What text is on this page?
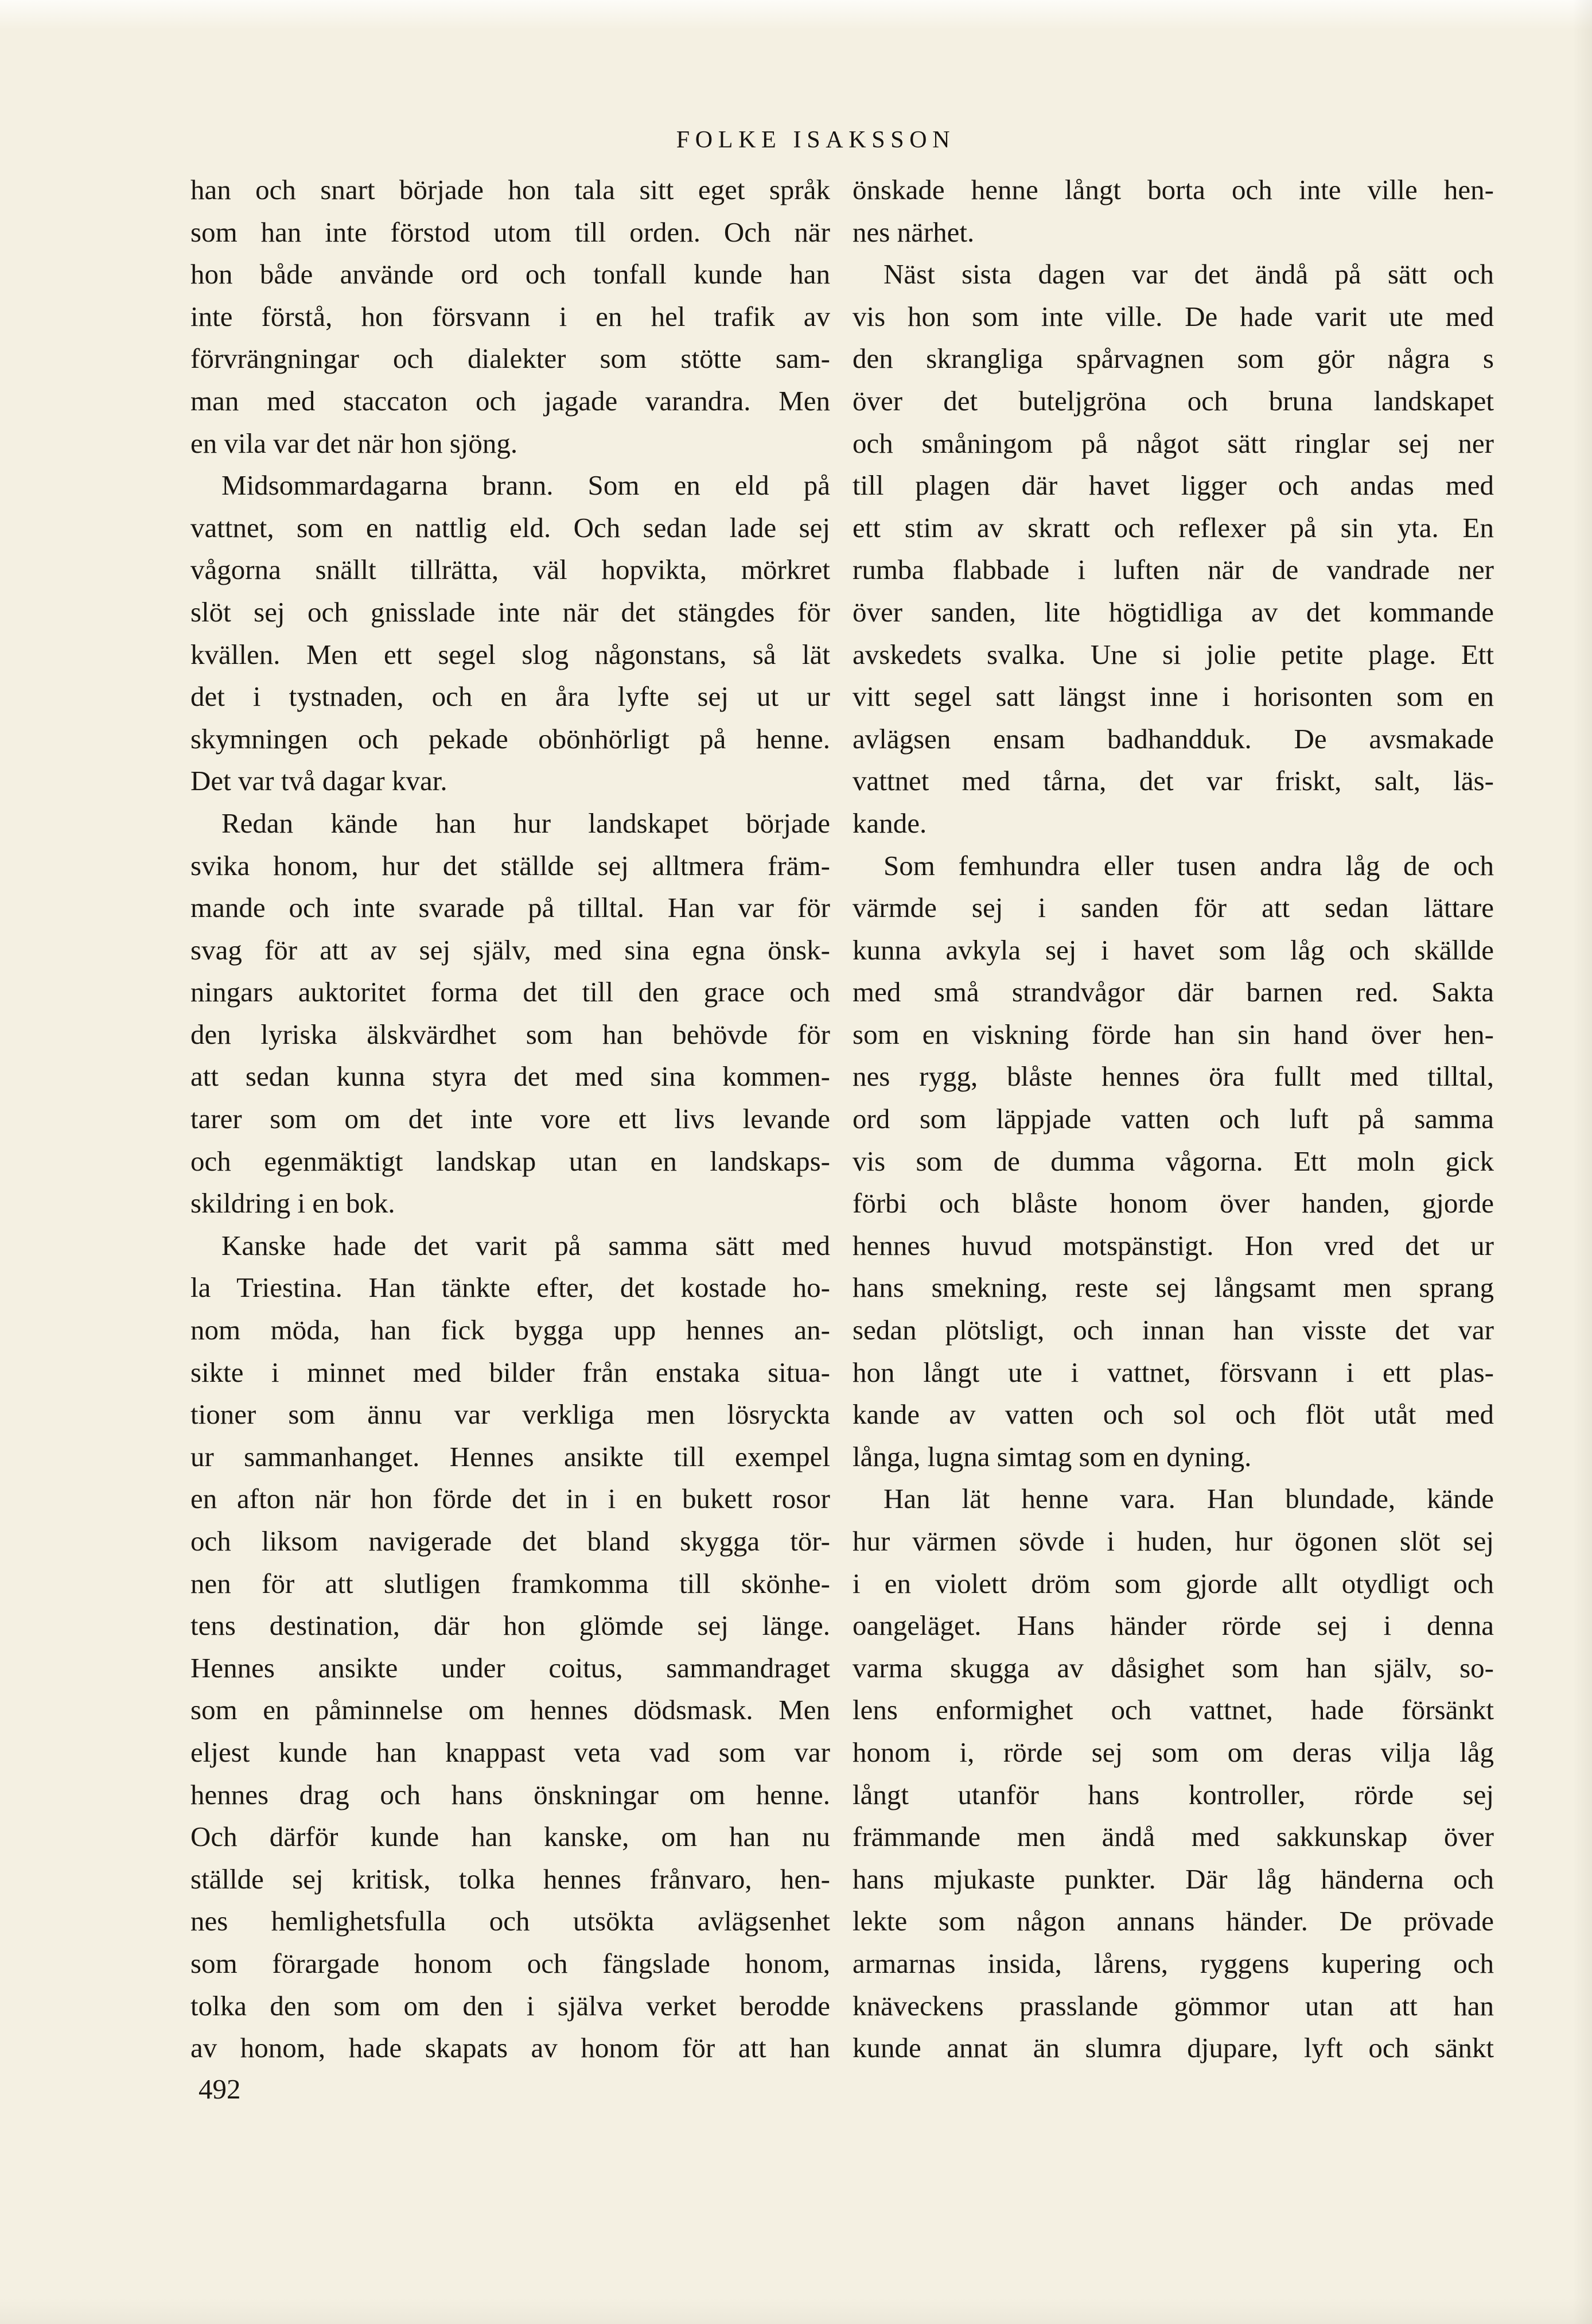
FOLKE ISAKSSON
han och snart började hon tala sitt eget språk
som han inte förstod utom till orden. Och när
hon både använde ord och tonfall kunde han
inte förstå, hon försvann i en hel trafik av
förvrängningar och dialekter som stötte sam-
man med staccaton och jagade varandra. Men
en vila var det när hon sjöng.
Midsommardagarna brann. Som en eld på
vattnet, som en nattlig eld. Och sedan lade sej
vågorna snällt tillrätta, väl hopvikta, mörkret
slöt sej och gnisslade inte när det stängdes för
kvällen. Men ett segel slog någonstans, så lät
det i tystnaden, och en åra lyfte sej ut ur
skymningen och pekade obönhörligt på henne.
Det var två dagar kvar.
Redan kände han hur landskapet började
svika honom, hur det ställde sej alltmera främ-
mande och inte svarade på tilltal. Han var för
svag för att av sej själv, med sina egna önsk-
ningars auktoritet forma det till den grace och
den lyriska älskvärdhet som han behövde för
att sedan kunna styra det med sina kommen-
tarer som om det inte vore ett livs levande
och egenmäktigt landskap utan en landskaps-
skildring i en bok.
Kanske hade det varit på samma sätt med
la Triestina. Han tänkte efter, det kostade ho-
nom möda, han fick bygga upp hennes an-
sikte i minnet med bilder från enstaka situa-
tioner som ännu var verkliga men lösryckta
ur sammanhanget. Hennes ansikte till exempel
en afton när hon förde det in i en bukett rosor
och liksom navigerade det bland skygga tör-
nen för att slutligen framkomma till skönhe-
tens destination, där hon glömde sej länge.
Hennes ansikte under coitus, sammandraget
som en påminnelse om hennes dödsmask. Men
eljest kunde han knappast veta vad som var
hennes drag och hans önskningar om henne.
Och därför kunde han kanske, om han nu
ställde sej kritisk, tolka hennes frånvaro, hen-
nes hemlighetsfulla och utsökta avlägsenhet
som förargade honom och fängslade honom,
tolka den som om den i själva verket berodde
av honom, hade skapats av honom för att han
önskade henne långt borta och inte ville hen-
nes närhet.
Näst sista dagen var det ändå på sätt och
vis hon som inte ville. De hade varit ute med
den skrangliga spårvagnen som gör några s
över det buteljgröna och bruna landskapet
och småningom på något sätt ringlar sej ner
till plagen där havet ligger och andas med
ett stim av skratt och reflexer på sin yta. En
rumba flabbade i luften när de vandrade ner
över sanden, lite högtidliga av det kommande
avskedets svalka. Une si jolie petite plage. Ett
vitt segel satt längst inne i horisonten som en
avlägsen ensam badhandduk. De avsmakade
vattnet med tårna, det var friskt, salt, läs-
kande.
Som femhundra eller tusen andra låg de och
värmde sej i sanden för att sedan lättare
kunna avkyla sej i havet som låg och skällde
med små strandvågor där barnen red. Sakta
som en viskning förde han sin hand över hen-
nes rygg, blåste hennes öra fullt med tilltal,
ord som läppjade vatten och luft på samma
vis som de dumma vågorna. Ett moln gick
förbi och blåste honom över handen, gjorde
hennes huvud motspänstigt. Hon vred det ur
hans smekning, reste sej långsamt men sprang
sedan plötsligt, och innan han visste det var
hon långt ute i vattnet, försvann i ett plas-
kande av vatten och sol och flöt utåt med
långa, lugna simtag som en dyning.
Han lät henne vara. Han blundade, kände
hur värmen sövde i huden, hur ögonen slöt sej
i en violett dröm som gjorde allt otydligt och
oangeläget. Hans händer rörde sej i denna
varma skugga av dåsighet som han själv, so-
lens enformighet och vattnet, hade försänkt
honom i, rörde sej som om deras vilja låg
långt utanför hans kontroller, rörde sej
främmande men ändå med sakkunskap över
hans mjukaste punkter. Där låg händerna och
lekte som någon annans händer. De prövade
armarnas insida, lårens, ryggens kupering och
knäveckens prasslande gömmor utan att han
kunde annat än slumra djupare, lyft och sänkt
492
